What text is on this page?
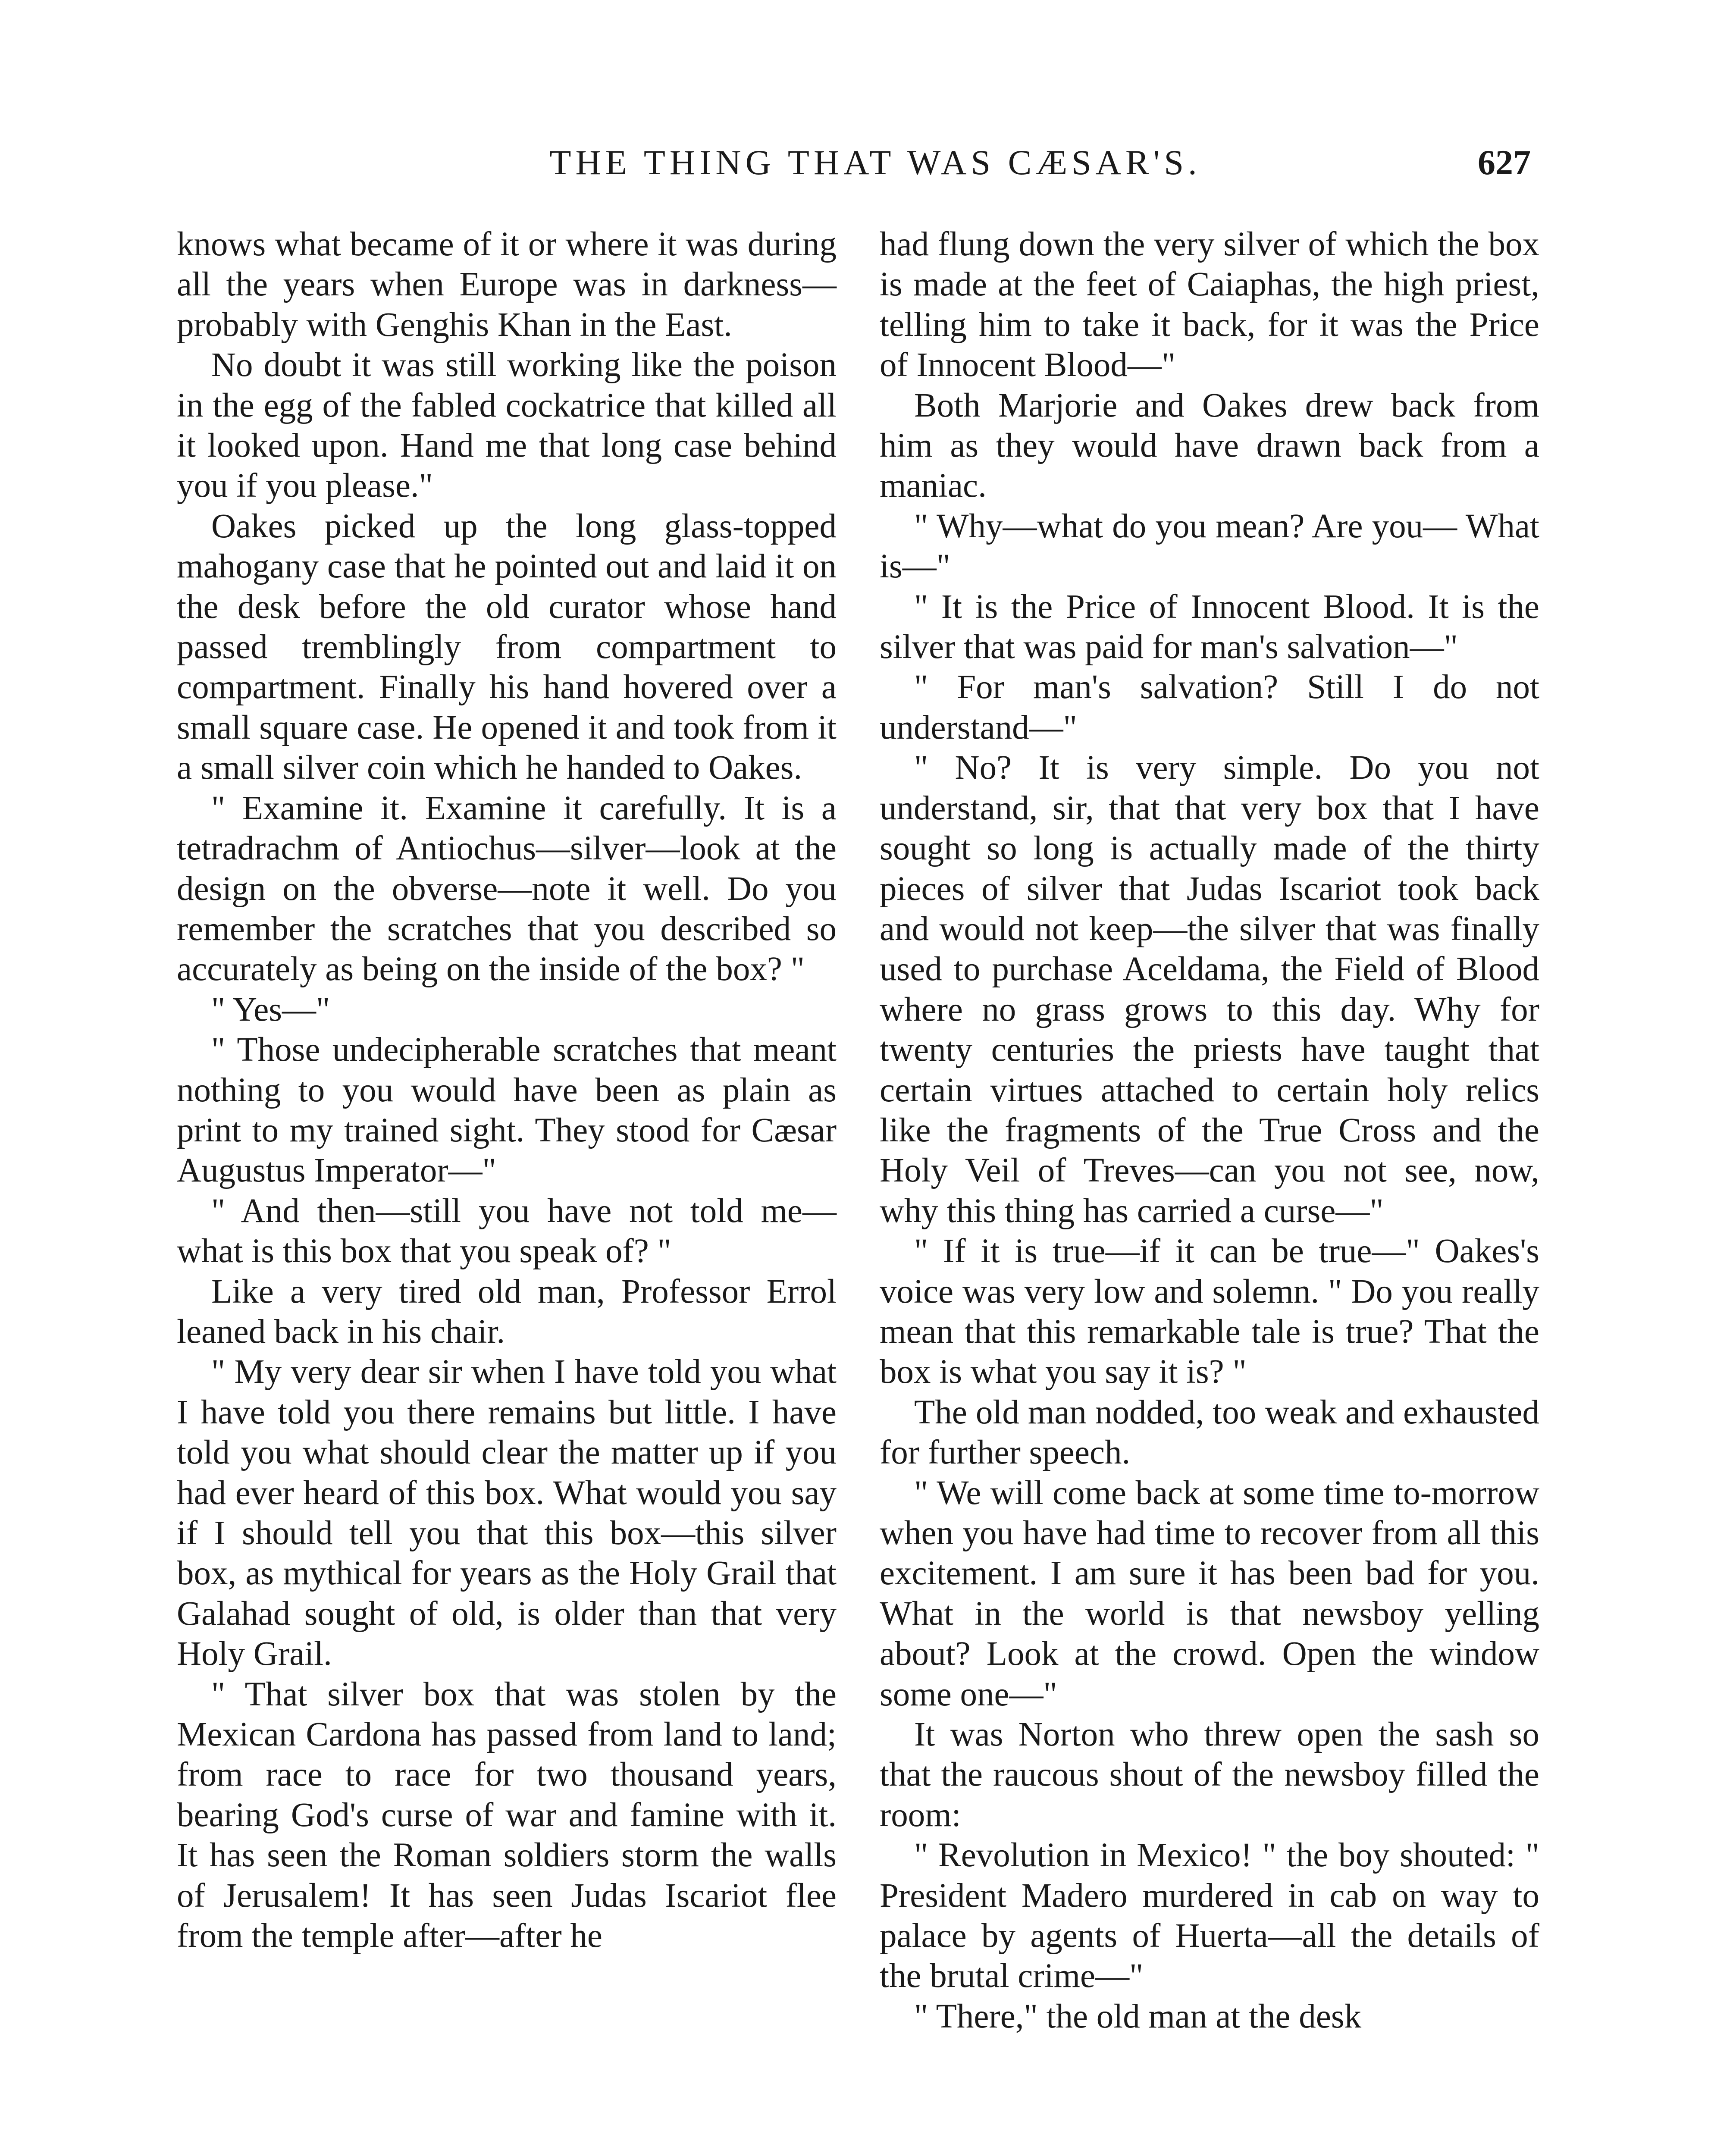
THE THING THAT WAS CÆSAR'S.	627

knows what became of it or where it was during all the years when Europe was in darkness—probably with Genghis Khan in the East.

No doubt it was still working like the poison in the egg of the fabled cockatrice that killed all it looked upon. Hand me that long case behind you if you please."

Oakes picked up the long glass-topped mahogany case that he pointed out and laid it on the desk before the old curator whose hand passed tremblingly from compartment to compartment. Finally his hand hovered over a small square case. He opened it and took from it a small silver coin which he handed to Oakes.

" Examine it. Examine it carefully. It is a tetradrachm of Antiochus—silver—look at the design on the obverse—note it well. Do you remember the scratches that you described so accurately as being on the inside of the box? "

" Yes—"

" Those undecipherable scratches that meant nothing to you would have been as plain as print to my trained sight. They stood for Cæsar Augustus Imperator—"

" And then—still you have not told me—what is this box that you speak of? "

Like a very tired old man, Professor Errol leaned back in his chair.

" My very dear sir when I have told you what I have told you there remains but little. I have told you what should clear the matter up if you had ever heard of this box. What would you say if I should tell you that this box—this silver box, as mythical for years as the Holy Grail that Galahad sought of old, is older than that very Holy Grail.

" That silver box that was stolen by the Mexican Cardona has passed from land to land; from race to race for two thousand years, bearing God's curse of war and famine with it. It has seen the Roman soldiers storm the walls of Jerusalem! It has seen Judas Iscariot flee from the temple after—after he

had flung down the very silver of which the box is made at the feet of Caiaphas, the high priest, telling him to take it back, for it was the Price of Innocent Blood—"

Both Marjorie and Oakes drew back from him as they would have drawn back from a maniac.

" Why—what do you mean? Are you— What is—"

" It is the Price of Innocent Blood. It is the silver that was paid for man's salvation—"

" For man's salvation? Still I do not understand—"

" No? It is very simple. Do you not understand, sir, that that very box that I have sought so long is actually made of the thirty pieces of silver that Judas Iscariot took back and would not keep—the silver that was finally used to purchase Aceldama, the Field of Blood where no grass grows to this day. Why for twenty centuries the priests have taught that certain virtues attached to certain holy relics like the fragments of the True Cross and the Holy Veil of Treves—can you not see, now, why this thing has carried a curse—"

" If it is true—if it can be true—" Oakes's voice was very low and solemn. " Do you really mean that this remarkable tale is true? That the box is what you say it is? "

The old man nodded, too weak and exhausted for further speech.

" We will come back at some time to-morrow when you have had time to recover from all this excitement. I am sure it has been bad for you. What in the world is that newsboy yelling about? Look at the crowd. Open the window some one—"

It was Norton who threw open the sash so that the raucous shout of the newsboy filled the room:

" Revolution in Mexico! " the boy shouted: " President Madero murdered in cab on way to palace by agents of Huerta—all the details of the brutal crime—"

" There," the old man at the desk
